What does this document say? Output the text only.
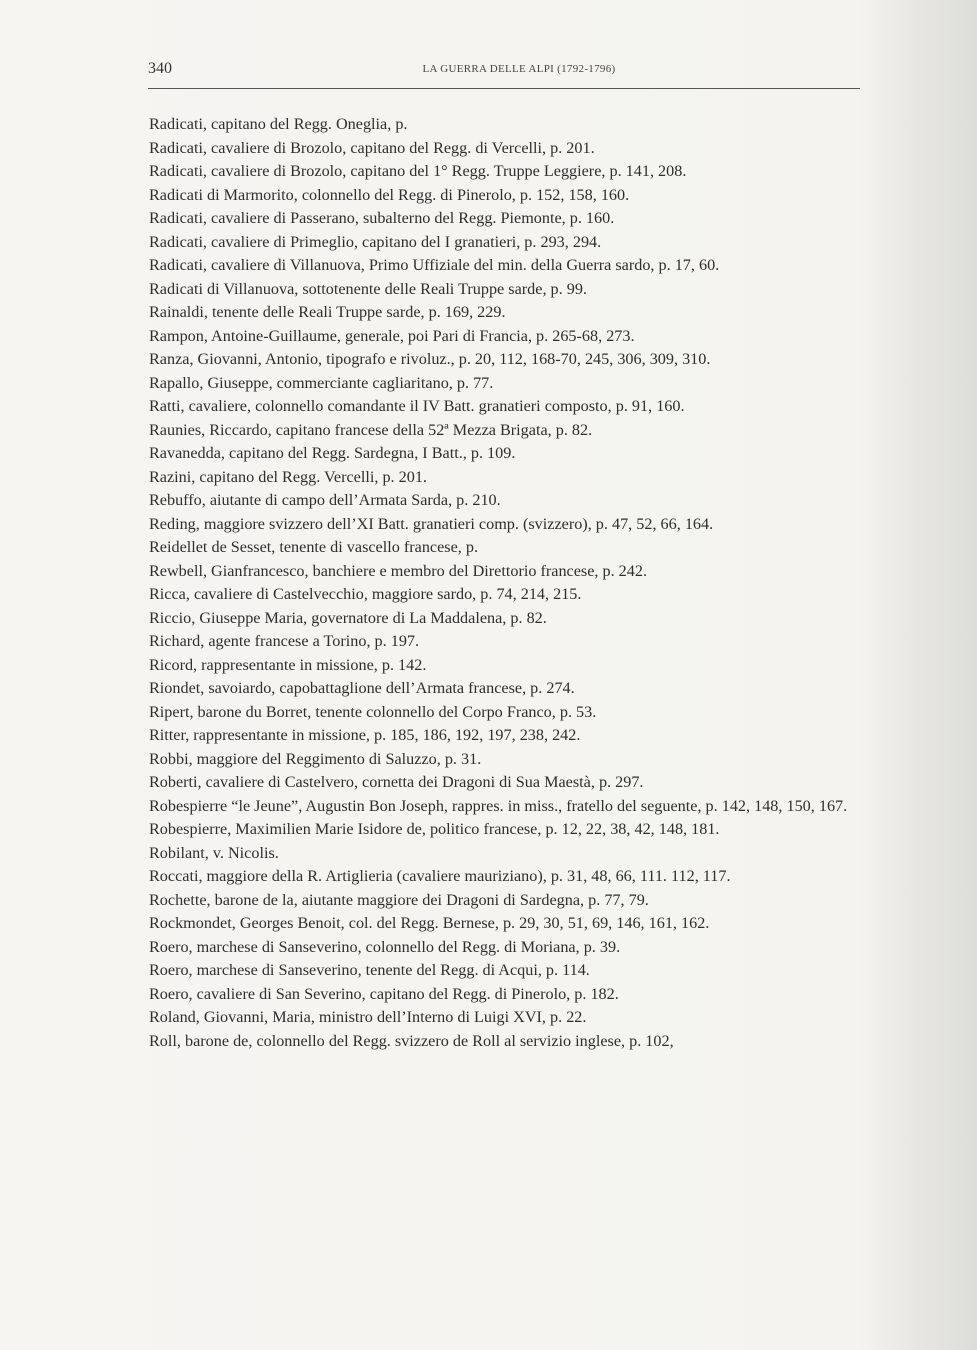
340	LA GUERRA DELLE ALPI (1792-1796)
Radicati, capitano del Regg. Oneglia, p.
Radicati, cavaliere di Brozolo, capitano del Regg. di Vercelli, p. 201.
Radicati, cavaliere di Brozolo, capitano del 1° Regg. Truppe Leggiere, p. 141, 208.
Radicati di Marmorito, colonnello del Regg. di Pinerolo, p. 152, 158, 160.
Radicati, cavaliere di Passerano, subalterno del Regg. Piemonte, p. 160.
Radicati, cavaliere di Primeglio, capitano del I granatieri, p. 293, 294.
Radicati, cavaliere di Villanuova, Primo Uffiziale del min. della Guerra sardo, p. 17, 60.
Radicati di Villanuova, sottotenente delle Reali Truppe sarde, p. 99.
Rainaldi, tenente delle Reali Truppe sarde, p. 169, 229.
Rampon, Antoine-Guillaume, generale, poi Pari di Francia, p. 265-68, 273.
Ranza, Giovanni, Antonio, tipografo e rivoluz., p. 20, 112, 168-70, 245, 306, 309, 310.
Rapallo, Giuseppe, commerciante cagliaritano, p. 77.
Ratti, cavaliere, colonnello comandante il IV Batt. granatieri composto, p. 91, 160.
Raunies, Riccardo, capitano francese della 52ª Mezza Brigata, p. 82.
Ravanedda, capitano del Regg. Sardegna, I Batt., p. 109.
Razini, capitano del Regg. Vercelli, p. 201.
Rebuffo, aiutante di campo dell’Armata Sarda, p. 210.
Reding, maggiore svizzero dell’XI Batt. granatieri comp. (svizzero), p. 47, 52, 66, 164.
Reidellet de Sesset, tenente di vascello francese, p.
Rewbell, Gianfrancesco, banchiere e membro del Direttorio francese, p. 242.
Ricca, cavaliere di Castelvecchio, maggiore sardo, p. 74, 214, 215.
Riccio, Giuseppe Maria, governatore di La Maddalena, p. 82.
Richard, agente francese a Torino, p. 197.
Ricord, rappresentante in missione, p. 142.
Riondet, savoiardo, capobattaglione dell’Armata francese, p. 274.
Ripert, barone du Borret, tenente colonnello del Corpo Franco, p. 53.
Ritter, rappresentante in missione, p. 185, 186, 192, 197, 238, 242.
Robbi, maggiore del Reggimento di Saluzzo, p. 31.
Roberti, cavaliere di Castelvero, cornetta dei Dragoni di Sua Maestà, p. 297.
Robespierre “le Jeune”, Augustin Bon Joseph, rappres. in miss., fratello del seguente, p. 142, 148, 150, 167.
Robespierre, Maximilien Marie Isidore de, politico francese, p. 12, 22, 38, 42, 148, 181.
Robilant, v. Nicolis.
Roccati, maggiore della R. Artiglieria (cavaliere mauriziano), p. 31, 48, 66, 111. 112, 117.
Rochette, barone de la, aiutante maggiore dei Dragoni di Sardegna, p. 77, 79.
Rockmondet, Georges Benoit, col. del Regg. Bernese, p. 29, 30, 51, 69, 146, 161, 162.
Roero, marchese di Sanseverino, colonnello del Regg. di Moriana, p. 39.
Roero, marchese di Sanseverino, tenente del Regg. di Acqui, p. 114.
Roero, cavaliere di San Severino, capitano del Regg. di Pinerolo, p. 182.
Roland, Giovanni, Maria, ministro dell’Interno di Luigi XVI, p. 22.
Roll, barone de, colonnello del Regg. svizzero de Roll al servizio inglese, p. 102,
